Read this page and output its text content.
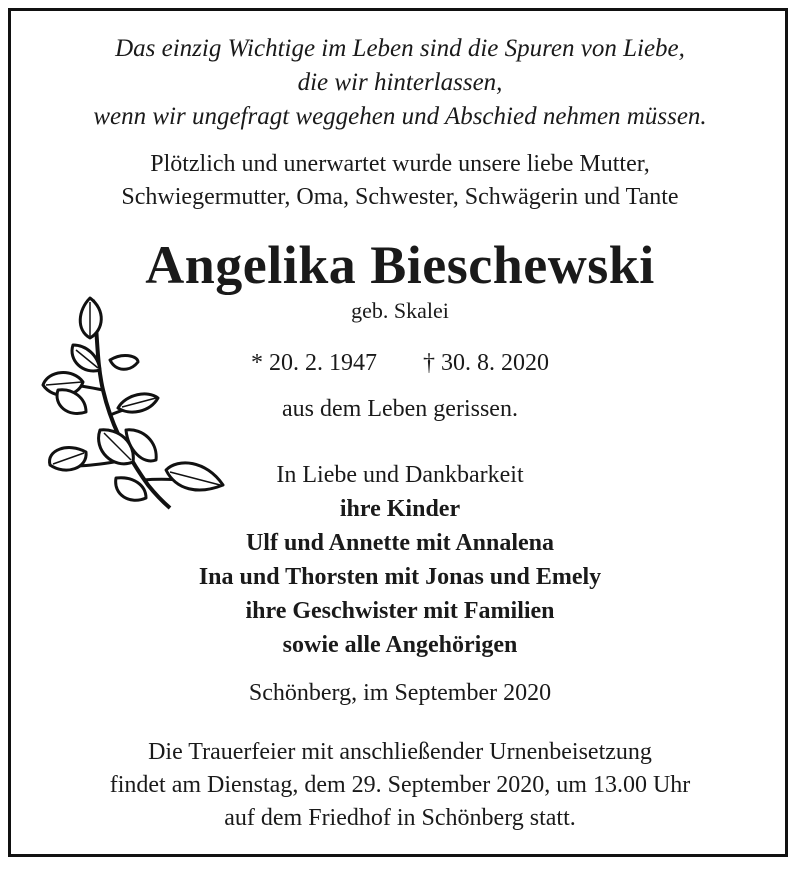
Das einzig Wichtige im Leben sind die Spuren von Liebe,
die wir hinterlassen,
wenn wir ungefragt weggehen und Abschied nehmen müssen.
Plötzlich und unerwartet wurde unsere liebe Mutter,
Schwiegermutter, Oma, Schwester, Schwägerin und Tante
Angelika Bieschewski
geb. Skalei
* 20. 2. 1947 † 30. 8. 2020
aus dem Leben gerissen.
In Liebe und Dankbarkeit
ihre Kinder
Ulf und Annette mit Annalena
Ina und Thorsten mit Jonas und Emely
ihre Geschwister mit Familien
sowie alle Angehörigen
Schönberg, im September 2020
Die Trauerfeier mit anschließender Urnenbeisetzung
findet am Dienstag, dem 29. September 2020, um 13.00 Uhr
auf dem Friedhof in Schönberg statt.
